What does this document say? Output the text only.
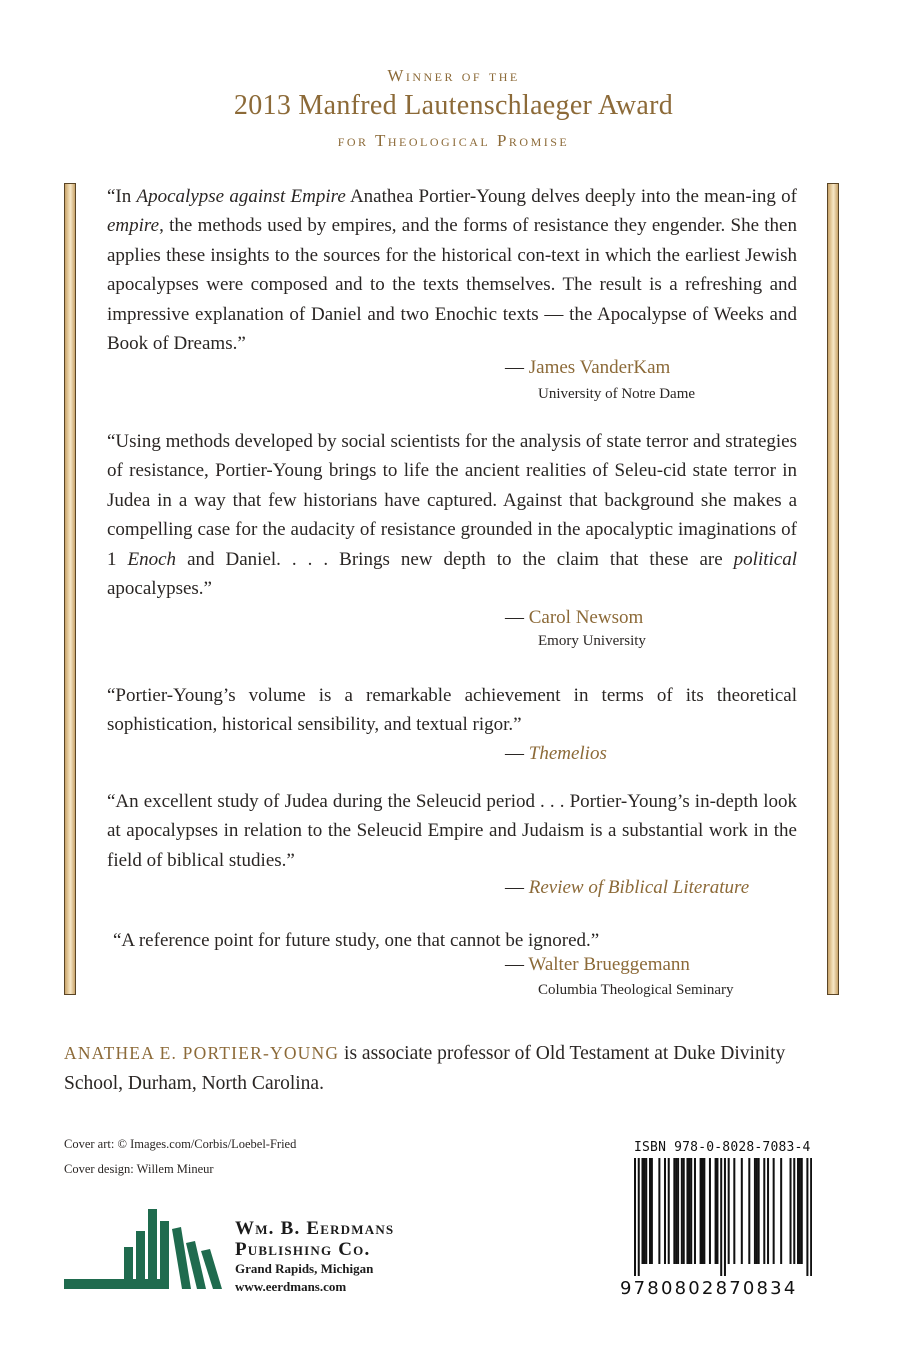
Winner of the
2013 Manfred Lautenschlaeger Award
for Theological Promise
“In Apocalypse against Empire Anathea Portier-Young delves deeply into the mean-ing of empire, the methods used by empires, and the forms of resistance they engender. She then applies these insights to the sources for the historical con-text in which the earliest Jewish apocalypses were composed and to the texts themselves. The result is a refreshing and impressive explanation of Daniel and two Enochic texts — the Apocalypse of Weeks and Book of Dreams.”
— James VanderKam
University of Notre Dame
“Using methods developed by social scientists for the analysis of state terror and strategies of resistance, Portier-Young brings to life the ancient realities of Seleu-cid state terror in Judea in a way that few historians have captured. Against that background she makes a compelling case for the audacity of resistance grounded in the apocalyptic imaginations of 1 Enoch and Daniel. . . . Brings new depth to the claim that these are political apocalypses.”
— Carol Newsom
Emory University
“Portier-Young’s volume is a remarkable achievement in terms of its theoretical sophistication, historical sensibility, and textual rigor.”
— Themelios
“An excellent study of Judea during the Seleucid period . . . Portier-Young’s in-depth look at apocalypses in relation to the Seleucid Empire and Judaism is a substantial work in the field of biblical studies.”
— Review of Biblical Literature
“A reference point for future study, one that cannot be ignored.”
— Walter Brueggemann
Columbia Theological Seminary
ANATHEA E. PORTIER-YOUNG is associate professor of Old Testament at Duke Divinity School, Durham, North Carolina.
Cover art: © Images.com/Corbis/Loebel-Fried
Cover design: Willem Mineur
Wm. B. Eerdmans
Publishing Co.
Grand Rapids, Michigan
www.eerdmans.com
ISBN 978-0-8028-7083-4
9780802870834
